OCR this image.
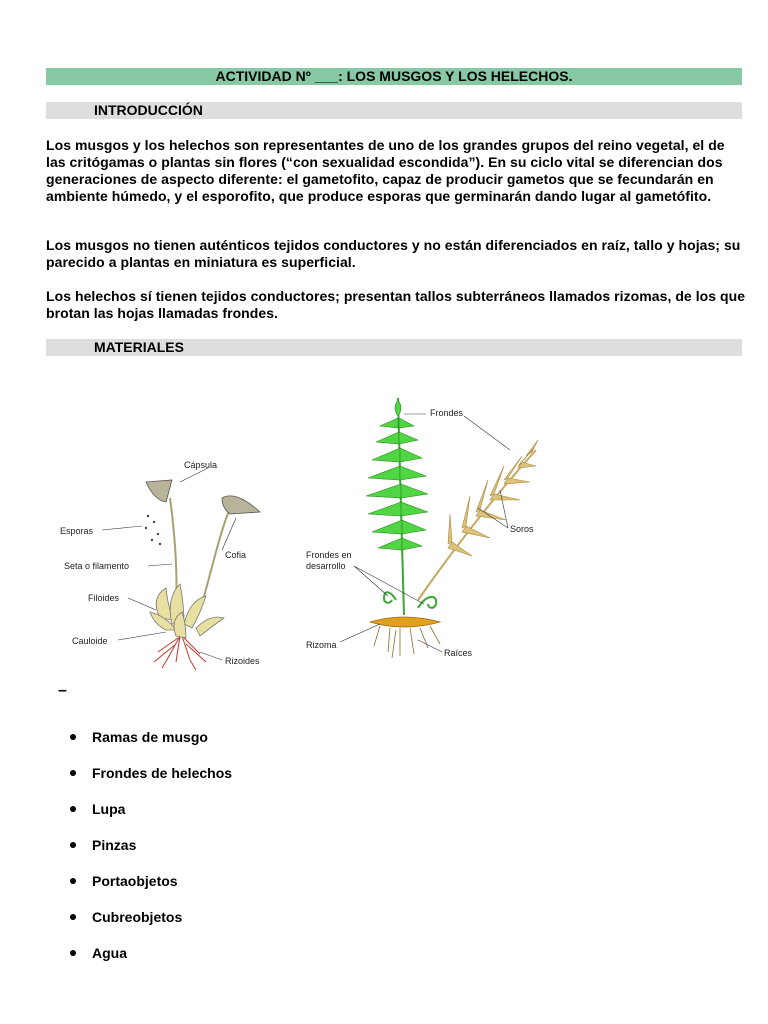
ACTIVIDAD Nº ___: LOS MUSGOS Y LOS HELECHOS.
INTRODUCCIÓN

Los musgos y los helechos son representantes de uno de los grandes grupos del reino vegetal, el de las critógamas o plantas sin flores (“con sexualidad escondida”). En su ciclo vital se diferencian dos generaciones de aspecto diferente: el gametofito, capaz de producir gametos que se fecundarán en ambiente húmedo, y el esporofito, que produce esporas que germinarán dando lugar al gametófito.

Los musgos no tienen auténticos tejidos conductores y no están diferenciados en raíz, tallo y hojas; su parecido a plantas en miniatura es superficial.

Los helechos sí tienen tejidos conductores; presentan tallos subterráneos llamados rizomas, de los que brotan las hojas llamadas frondes.

MATERIALES
Cápsula
Esporas
Cofia
Seta o filamento
Filoides
Cauloide
Rizoides
Frondes
Soros
Frondes en
desarrollo
Rizoma
Raíces
–
Ramas de musgo
Frondes de helechos
Lupa
Pinzas
Portaobjetos
Cubreobjetos
Agua
